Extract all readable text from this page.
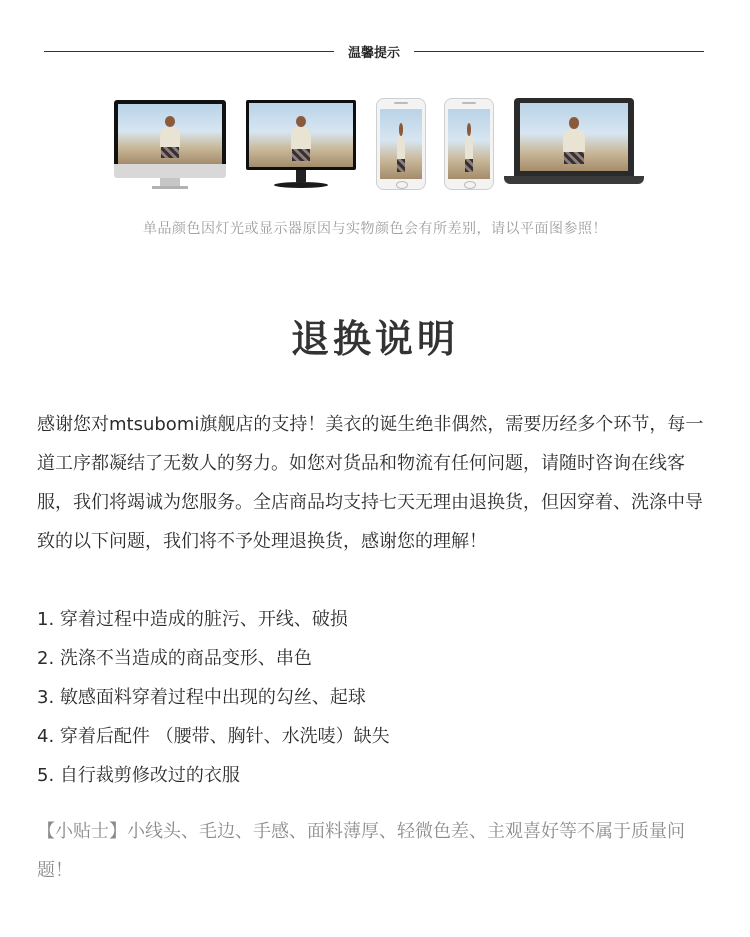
温馨提示
单品颜色因灯光或显示器原因与实物颜色会有所差别，请以平面图参照！
退换说明
感谢您对mtsubomi旗舰店的支持！美衣的诞生绝非偶然，需要历经多个环节，每一道工序都凝结了无数人的努力。如您对货品和物流有任何问题，请随时咨询在线客服，我们将竭诚为您服务。全店商品均支持七天无理由退换货，但因穿着、洗涤中导致的以下问题，我们将不予处理退换货，感谢您的理解！
1. 穿着过程中造成的脏污、开线、破损
2. 洗涤不当造成的商品变形、串色
3. 敏感面料穿着过程中出现的勾丝、起球
4. 穿着后配件 （腰带、胸针、水洗唛）缺失
5. 自行裁剪修改过的衣服
【小贴士】小线头、毛边、手感、面料薄厚、轻微色差、主观喜好等不属于质量问题！
